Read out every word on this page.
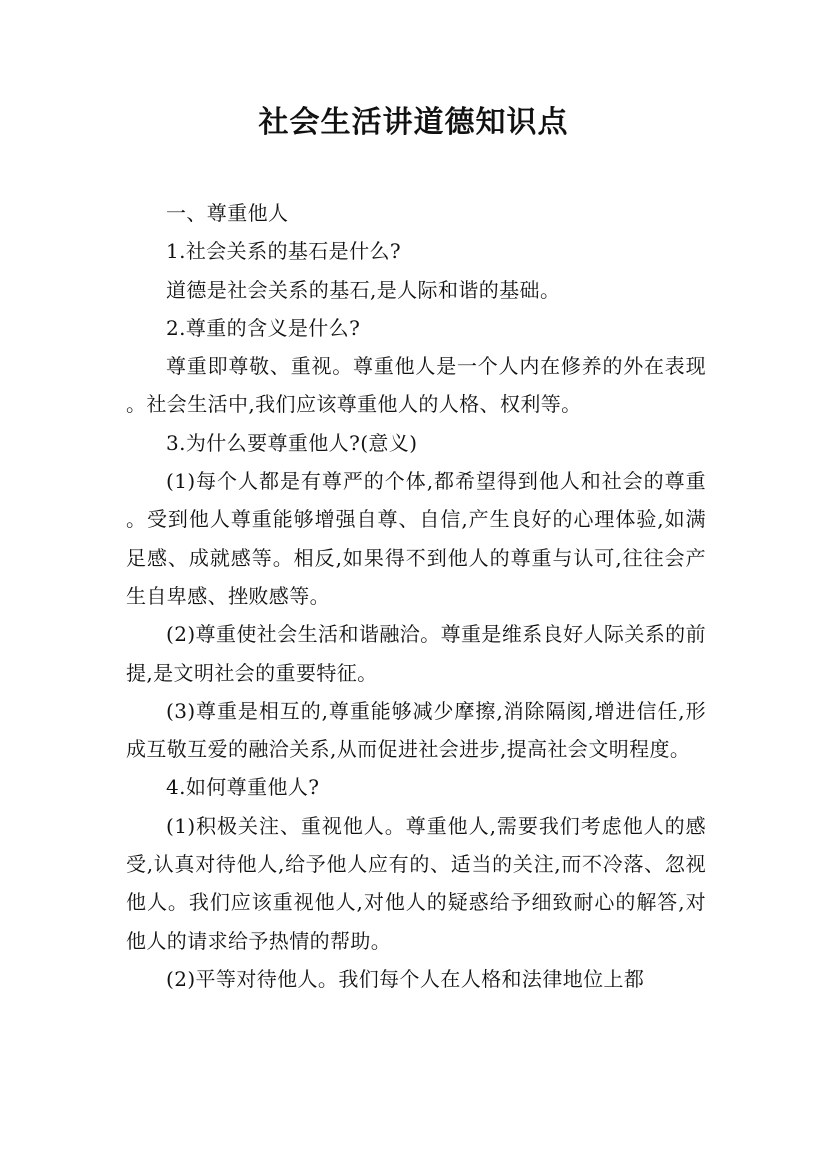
社会生活讲道德知识点

一、尊重他人

1.社会关系的基石是什么?

道德是社会关系的基石,是人际和谐的基础。

2.尊重的含义是什么?

尊重即尊敬、重视。尊重他人是一个人内在修养的外在表现。社会生活中,我们应该尊重他人的人格、权利等。

3.为什么要尊重他人?(意义)

(1)每个人都是有尊严的个体,都希望得到他人和社会的尊重。受到他人尊重能够增强自尊、自信,产生良好的心理体验,如满足感、成就感等。相反,如果得不到他人的尊重与认可,往往会产生自卑感、挫败感等。

(2)尊重使社会生活和谐融洽。尊重是维系良好人际关系的前提,是文明社会的重要特征。

(3)尊重是相互的,尊重能够减少摩擦,消除隔阂,增进信任,形成互敬互爱的融洽关系,从而促进社会进步,提高社会文明程度。

4.如何尊重他人?

(1)积极关注、重视他人。尊重他人,需要我们考虑他人的感受,认真对待他人,给予他人应有的、适当的关注,而不冷落、忽视他人。我们应该重视他人,对他人的疑惑给予细致耐心的解答,对他人的请求给予热情的帮助。

(2)平等对待他人。我们每个人在人格和法律地位上都
